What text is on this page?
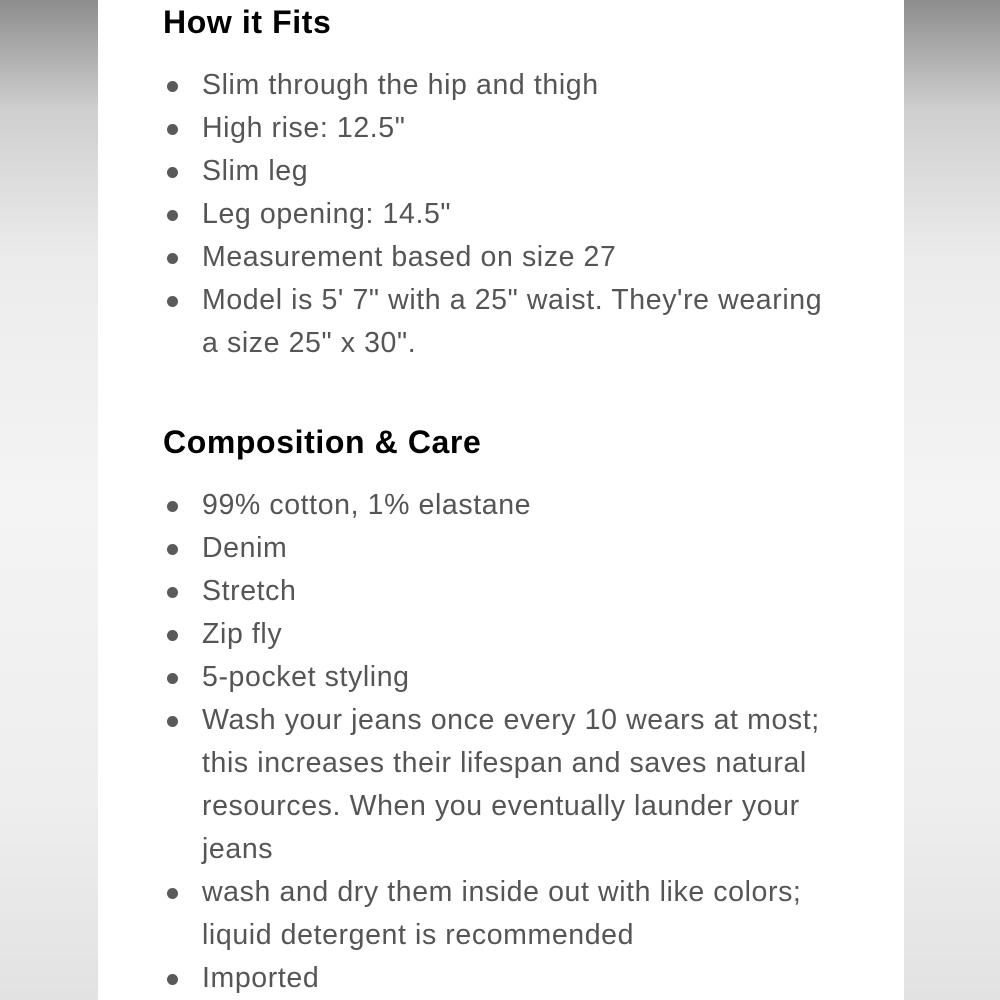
How it Fits
Slim through the hip and thigh
High rise: 12.5"
Slim leg
Leg opening: 14.5"
Measurement based on size 27
Model is 5' 7" with a 25" waist. They're wearing a size 25" x 30".
Composition & Care
99% cotton, 1% elastane
Denim
Stretch
Zip fly
5-pocket styling
Wash your jeans once every 10 wears at most; this increases their lifespan and saves natural resources. When you eventually launder your jeans
wash and dry them inside out with like colors; liquid detergent is recommended
Imported
